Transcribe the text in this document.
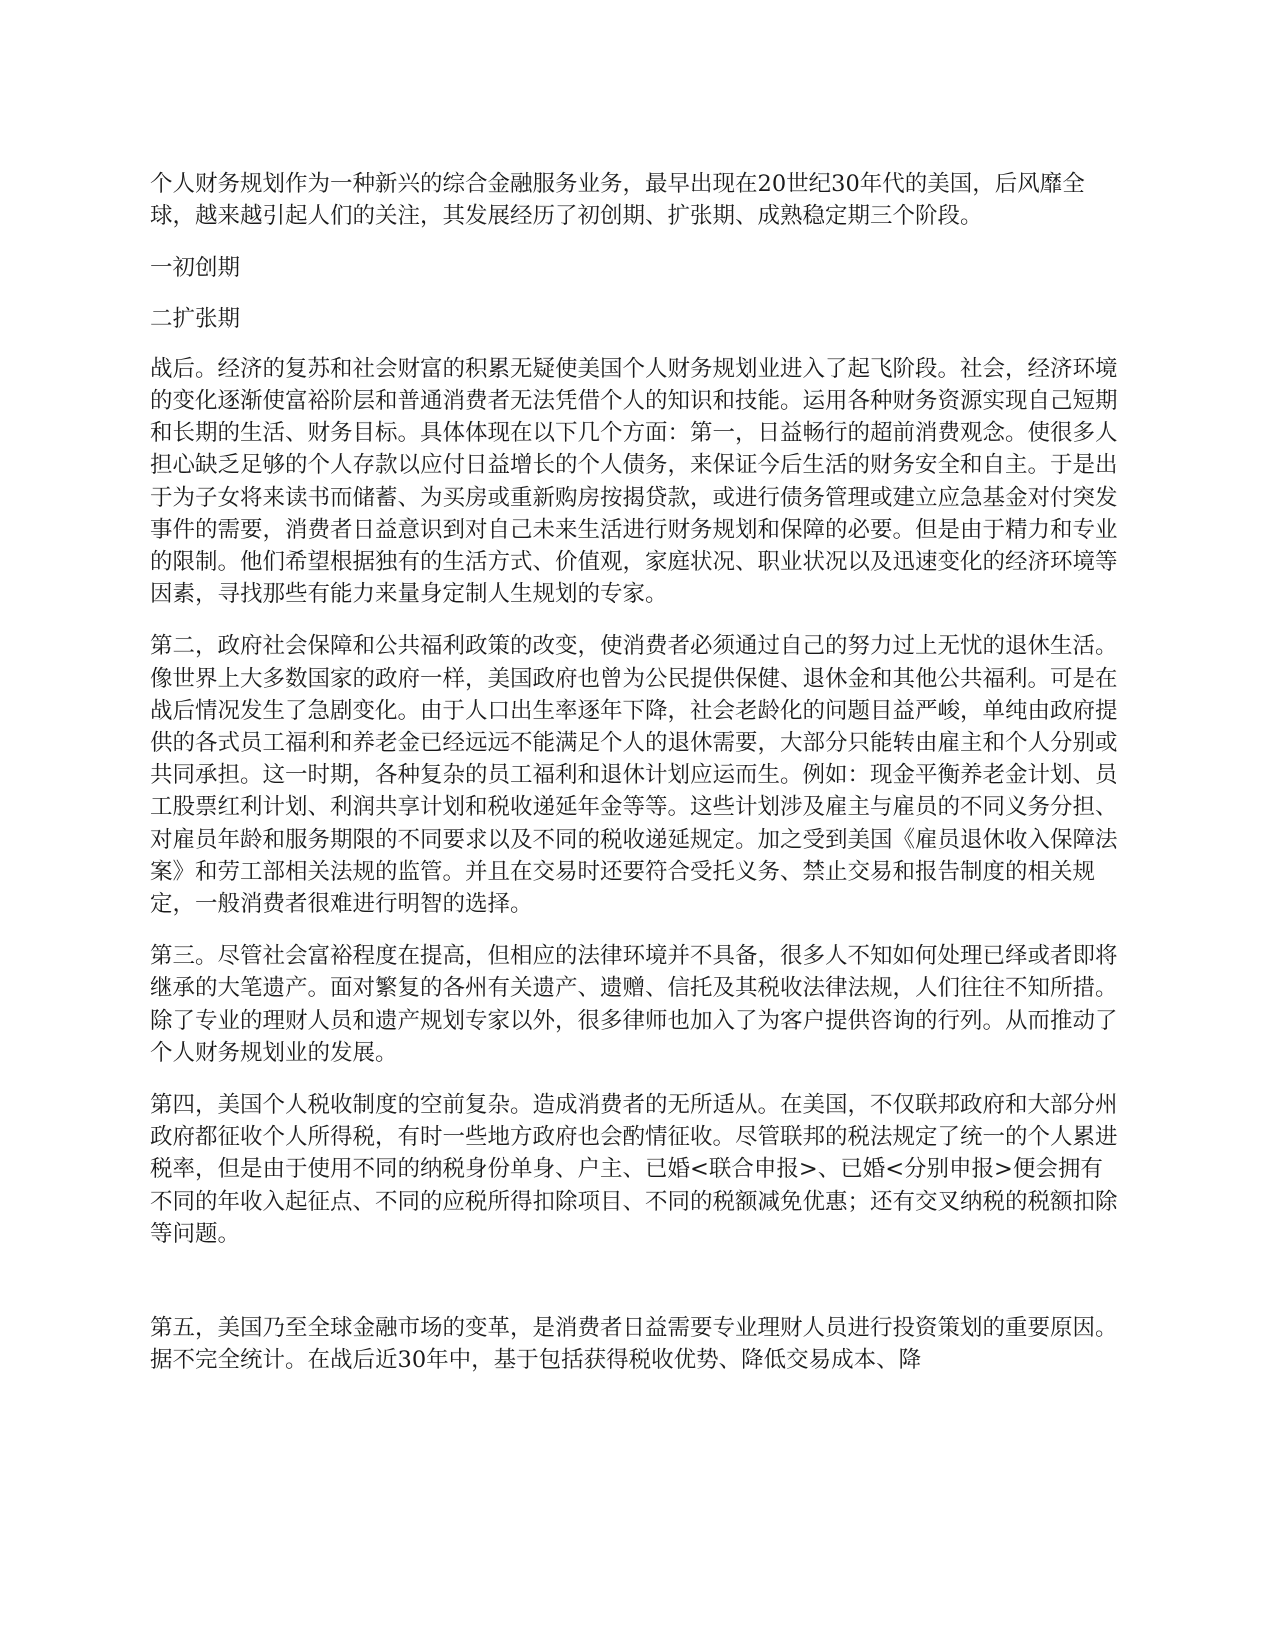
个人财务规划作为一种新兴的综合金融服务业务，最早出现在20世纪30年代的美国，后风靡全球，越来越引起人们的关注，其发展经历了初创期、扩张期、成熟稳定期三个阶段。

一初创期

二扩张期

战后。经济的复苏和社会财富的积累无疑使美国个人财务规划业进入了起飞阶段。社会，经济环境的变化逐渐使富裕阶层和普通消费者无法凭借个人的知识和技能。运用各种财务资源实现自己短期和长期的生活、财务目标。具体体现在以下几个方面：第一，日益畅行的超前消费观念。使很多人担心缺乏足够的个人存款以应付日益增长的个人债务，来保证今后生活的财务安全和自主。于是出于为子女将来读书而储蓄、为买房或重新购房按揭贷款，或进行债务管理或建立应急基金对付突发事件的需要，消费者日益意识到对自己未来生活进行财务规划和保障的必要。但是由于精力和专业的限制。他们希望根据独有的生活方式、价值观，家庭状况、职业状况以及迅速变化的经济环境等因素，寻找那些有能力来量身定制人生规划的专家。

第二，政府社会保障和公共福利政策的改变，使消费者必须通过自己的努力过上无忧的退休生活。像世界上大多数国家的政府一样，美国政府也曾为公民提供保健、退休金和其他公共福利。可是在战后情况发生了急剧变化。由于人口出生率逐年下降，社会老龄化的问题目益严峻，单纯由政府提供的各式员工福利和养老金已经远远不能满足个人的退休需要，大部分只能转由雇主和个人分别或共同承担。这一时期，各种复杂的员工福利和退休计划应运而生。例如：现金平衡养老金计划、员工股票红利计划、利润共享计划和税收递延年金等等。这些计划涉及雇主与雇员的不同义务分担、对雇员年龄和服务期限的不同要求以及不同的税收递延规定。加之受到美国《雇员退休收入保障法案》和劳工部相关法规的监管。并且在交易时还要符合受托义务、禁止交易和报告制度的相关规定，一般消费者很难进行明智的选择。

第三。尽管社会富裕程度在提高，但相应的法律环境并不具备，很多人不知如何处理已绎或者即将继承的大笔遗产。面对繁复的各州有关遗产、遗赠、信托及其税收法律法规，人们往往不知所措。除了专业的理财人员和遗产规划专家以外，很多律师也加入了为客户提供咨询的行列。从而推动了个人财务规划业的发展。

第四，美国个人税收制度的空前复杂。造成消费者的无所适从。在美国，不仅联邦政府和大部分州政府都征收个人所得税，有时一些地方政府也会酌情征收。尽管联邦的税法规定了统一的个人累进税率，但是由于使用不同的纳税身份单身、户主、已婚<联合申报>、已婚<分别申报>便会拥有不同的年收入起征点、不同的应税所得扣除项目、不同的税额减免优惠；还有交叉纳税的税额扣除等问题。

第五，美国乃至全球金融市场的变革，是消费者日益需要专业理财人员进行投资策划的重要原因。据不完全统计。在战后近30年中，基于包括获得税收优势、降低交易成本、降
